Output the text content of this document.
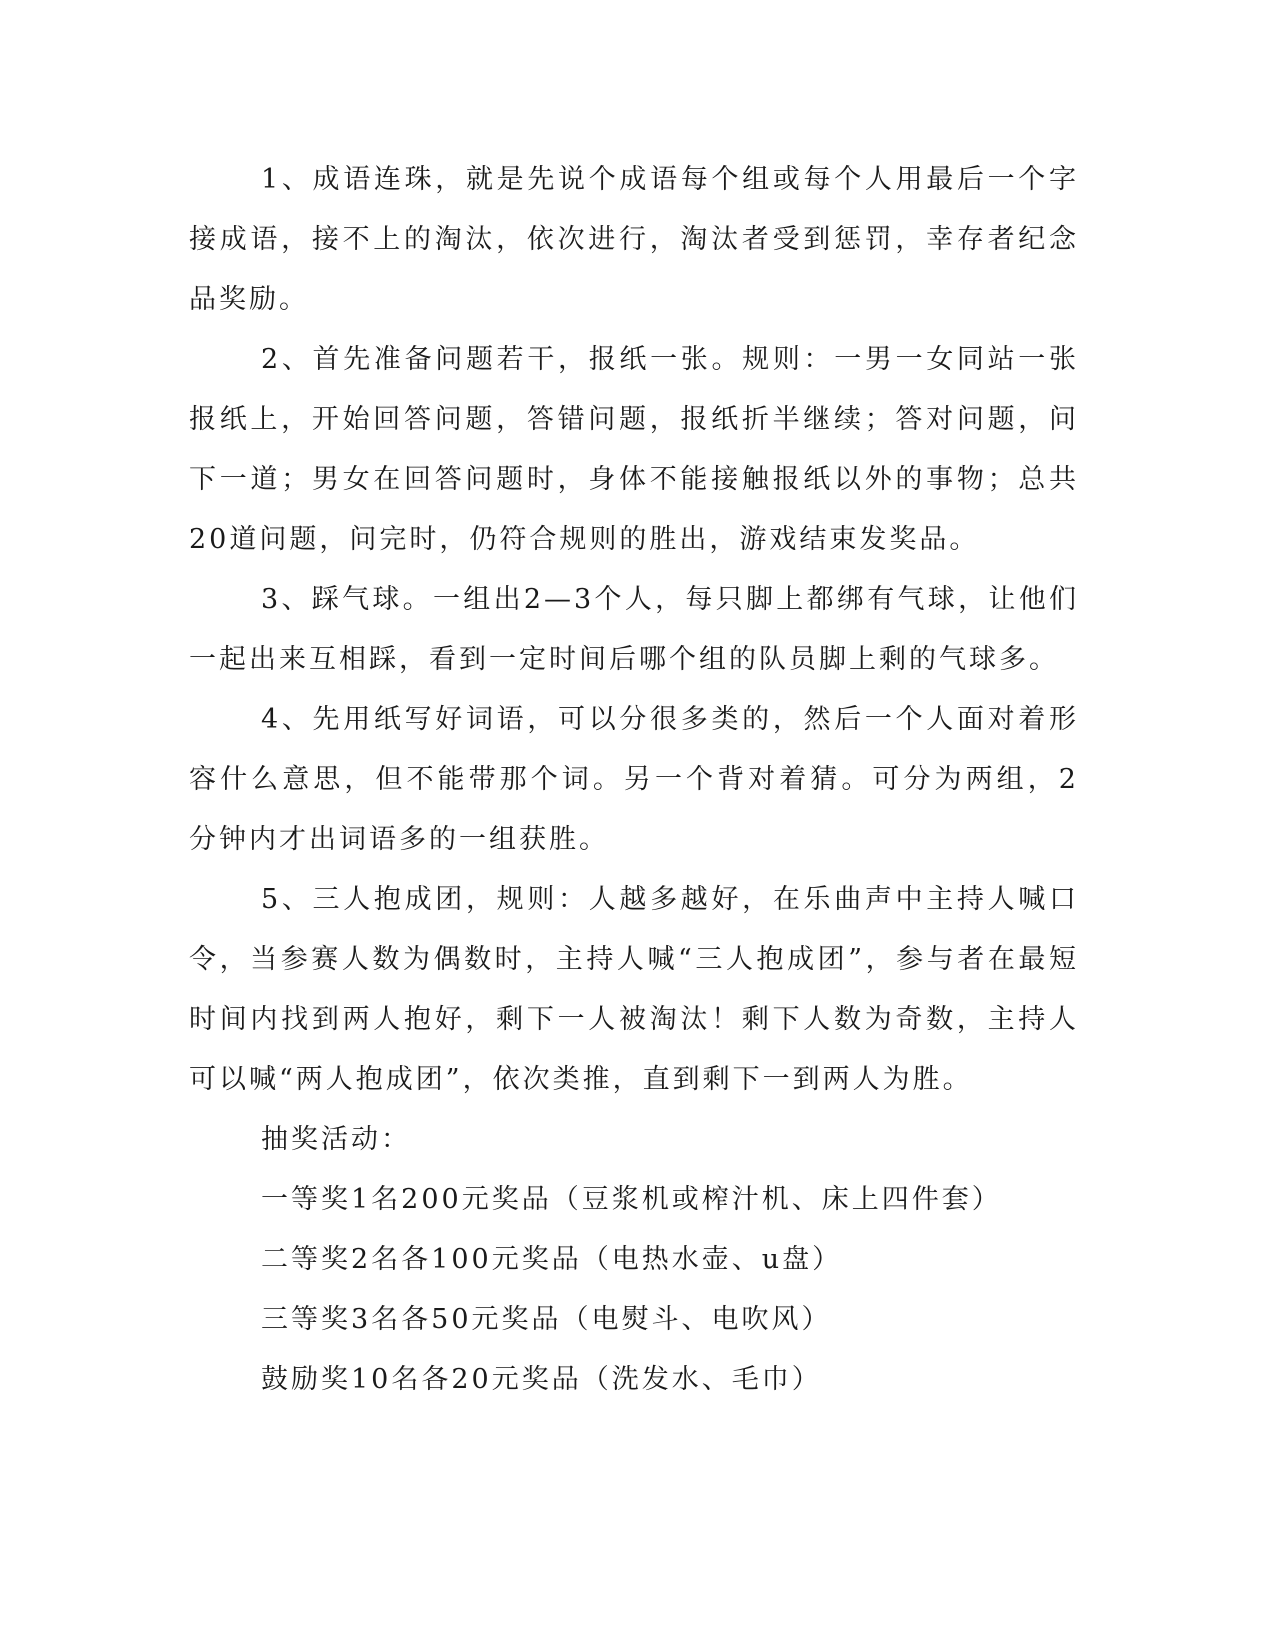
1、成语连珠，就是先说个成语每个组或每个人用最后一个字接成语，接不上的淘汰，依次进行，淘汰者受到惩罚，幸存者纪念品奖励。

2、首先准备问题若干，报纸一张。规则：一男一女同站一张报纸上，开始回答问题，答错问题，报纸折半继续；答对问题，问下一道；男女在回答问题时，身体不能接触报纸以外的事物；总共20道问题，问完时，仍符合规则的胜出，游戏结束发奖品。

3、踩气球。一组出2—3个人，每只脚上都绑有气球，让他们一起出来互相踩，看到一定时间后哪个组的队员脚上剩的气球多。

4、先用纸写好词语，可以分很多类的，然后一个人面对着形容什么意思，但不能带那个词。另一个背对着猜。可分为两组，2分钟内才出词语多的一组获胜。

5、三人抱成团，规则：人越多越好，在乐曲声中主持人喊口令，当参赛人数为偶数时，主持人喊“三人抱成团”，参与者在最短时间内找到两人抱好，剩下一人被淘汰！剩下人数为奇数，主持人可以喊“两人抱成团”，依次类推，直到剩下一到两人为胜。

抽奖活动：

一等奖1名200元奖品（豆浆机或榨汁机、床上四件套）

二等奖2名各100元奖品（电热水壶、u盘）

三等奖3名各50元奖品（电熨斗、电吹风）

鼓励奖10名各20元奖品（洗发水、毛巾）
